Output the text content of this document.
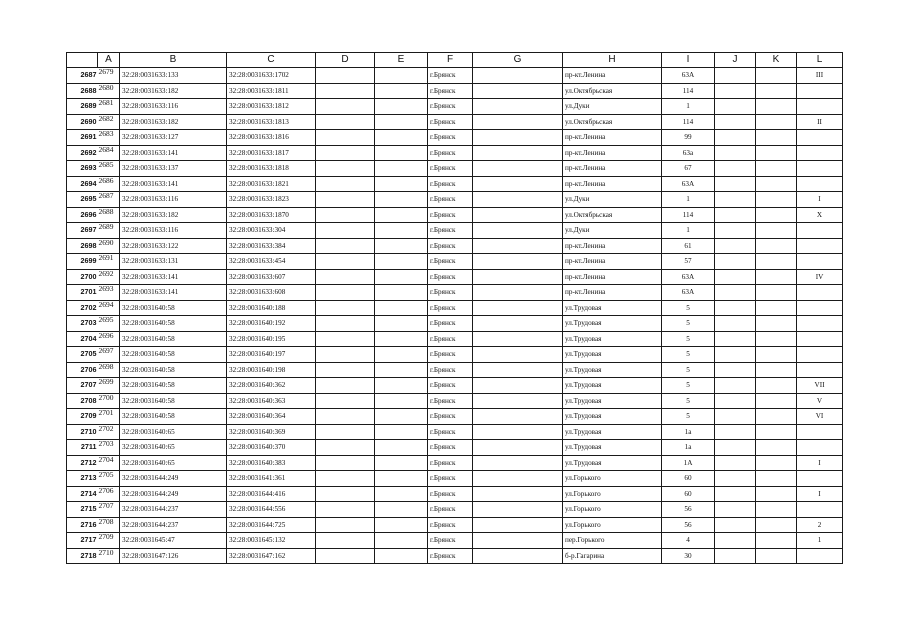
	A	B	C	D	E	F	G	H	I	J	K	L
2687	2679	32:28:0031633:133	32:28:0031633:1702			г.Брянск		пр-кт.Ленина	63А			III
2688	2680	32:28:0031633:182	32:28:0031633:1811			г.Брянск		ул.Октябрьская	114			
2689	2681	32:28:0031633:116	32:28:0031633:1812			г.Брянск		ул.Дуки	1			
2690	2682	32:28:0031633:182	32:28:0031633:1813			г.Брянск		ул.Октябрьская	114			II
2691	2683	32:28:0031633:127	32:28:0031633:1816			г.Брянск		пр-кт.Ленина	99			
2692	2684	32:28:0031633:141	32:28:0031633:1817			г.Брянск		пр-кт.Ленина	63а			
2693	2685	32:28:0031633:137	32:28:0031633:1818			г.Брянск		пр-кт.Ленина	67			
2694	2686	32:28:0031633:141	32:28:0031633:1821			г.Брянск		пр-кт.Ленина	63А			
2695	2687	32:28:0031633:116	32:28:0031633:1823			г.Брянск		ул.Дуки	1			I
2696	2688	32:28:0031633:182	32:28:0031633:1870			г.Брянск		ул.Октябрьская	114			X
2697	2689	32:28:0031633:116	32:28:0031633:304			г.Брянск		ул.Дуки	1			
2698	2690	32:28:0031633:122	32:28:0031633:384			г.Брянск		пр-кт.Ленина	61			
2699	2691	32:28:0031633:131	32:28:0031633:454			г.Брянск		пр-кт.Ленина	57			
2700	2692	32:28:0031633:141	32:28:0031633:607			г.Брянск		пр-кт.Ленина	63А			IV
2701	2693	32:28:0031633:141	32:28:0031633:608			г.Брянск		пр-кт.Ленина	63А			
2702	2694	32:28:0031640:58	32:28:0031640:188			г.Брянск		ул.Трудовая	5			
2703	2695	32:28:0031640:58	32:28:0031640:192			г.Брянск		ул.Трудовая	5			
2704	2696	32:28:0031640:58	32:28:0031640:195			г.Брянск		ул.Трудовая	5			
2705	2697	32:28:0031640:58	32:28:0031640:197			г.Брянск		ул.Трудовая	5			
2706	2698	32:28:0031640:58	32:28:0031640:198			г.Брянск		ул.Трудовая	5			
2707	2699	32:28:0031640:58	32:28:0031640:362			г.Брянск		ул.Трудовая	5			VII
2708	2700	32:28:0031640:58	32:28:0031640:363			г.Брянск		ул.Трудовая	5			V
2709	2701	32:28:0031640:58	32:28:0031640:364			г.Брянск		ул.Трудовая	5			VI
2710	2702	32:28:0031640:65	32:28:0031640:369			г.Брянск		ул.Трудовая	1а			
2711	2703	32:28:0031640:65	32:28:0031640:370			г.Брянск		ул.Трудовая	1а			
2712	2704	32:28:0031640:65	32:28:0031640:383			г.Брянск		ул.Трудовая	1А			I
2713	2705	32:28:0031644:249	32:28:0031641:361			г.Брянск		ул.Горького	60			
2714	2706	32:28:0031644:249	32:28:0031644:416			г.Брянск		ул.Горького	60			I
2715	2707	32:28:0031644:237	32:28:0031644:556			г.Брянск		ул.Горького	56			
2716	2708	32:28:0031644:237	32:28:0031644:725			г.Брянск		ул.Горького	56			2
2717	2709	32:28:0031645:47	32:28:0031645:132			г.Брянск		пер.Горького	4			1
2718	2710	32:28:0031647:126	32:28:0031647:162			г.Брянск		б-р.Гагарина	30			
